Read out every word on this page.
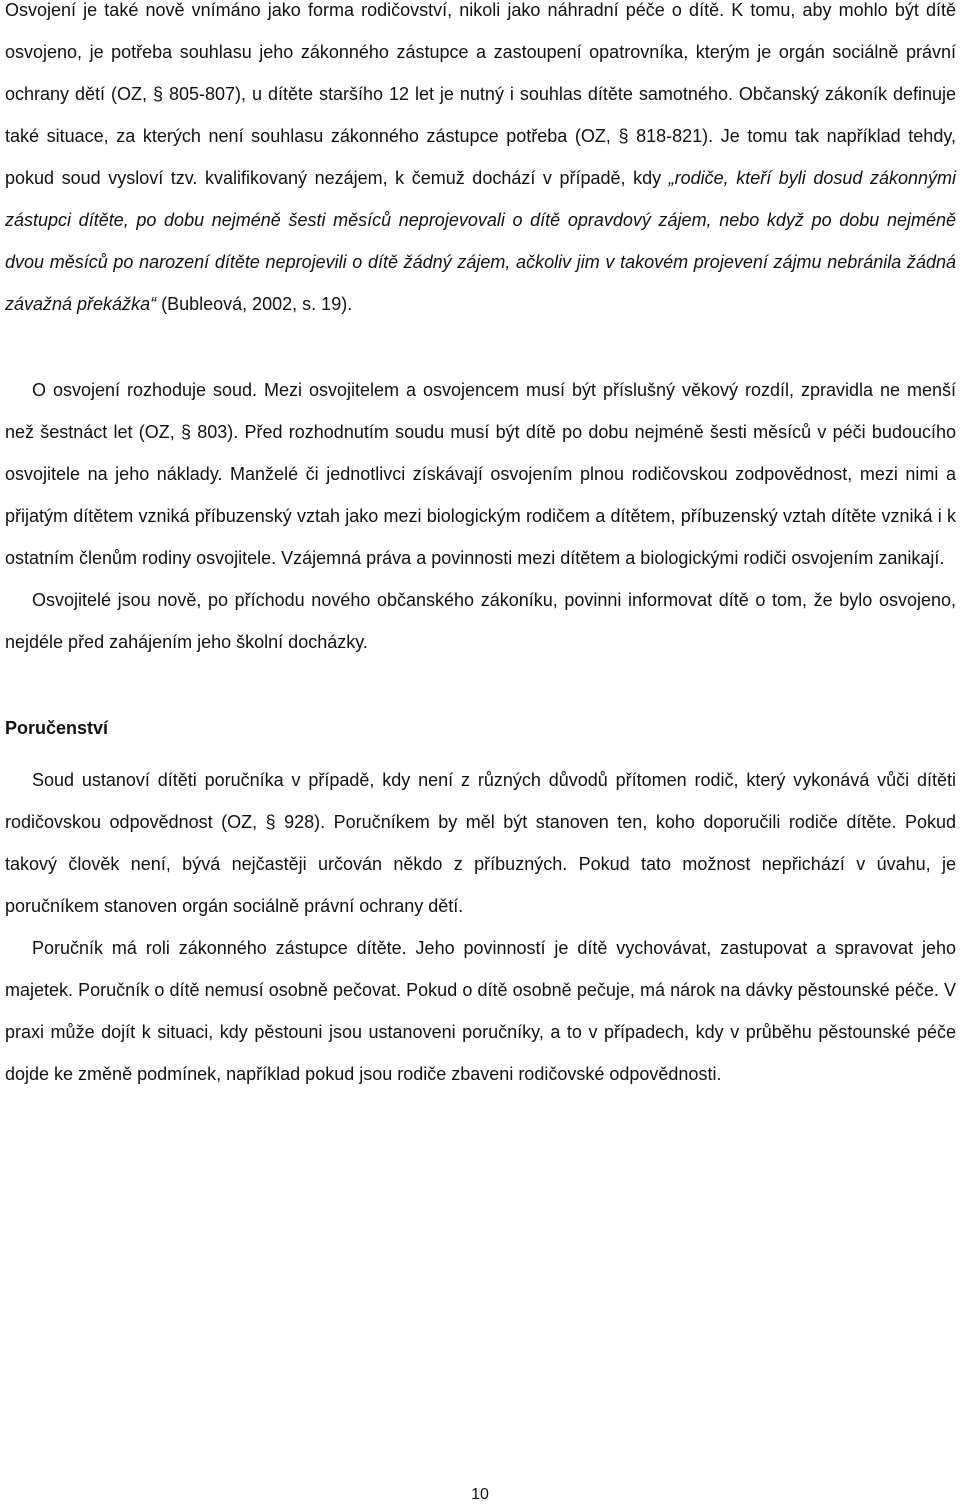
Osvojení je také nově vnímáno jako forma rodičovství, nikoli jako náhradní péče o dítě. K tomu, aby mohlo být dítě osvojeno, je potřeba souhlasu jeho zákonného zástupce a zastoupení opatrovníka, kterým je orgán sociálně právní ochrany dětí (OZ, § 805-807), u dítěte staršího 12 let je nutný i souhlas dítěte samotného. Občanský zákoník definuje také situace, za kterých není souhlasu zákonného zástupce potřeba (OZ, § 818-821). Je tomu tak například tehdy, pokud soud vysloví tzv. kvalifikovaný nezájem, k čemuž dochází v případě, kdy „rodiče, kteří byli dosud zákonnými zástupci dítěte, po dobu nejméně šesti měsíců neprojevovali o dítě opravdový zájem, nebo když po dobu nejméně dvou měsíců po narození dítěte neprojevili o dítě žádný zájem, ačkoliv jim v takovém projevení zájmu nebránila žádná závažná překážka“ (Bubleová, 2002, s. 19).

O osvojení rozhoduje soud. Mezi osvojitelem a osvojencem musí být příslušný věkový rozdíl, zpravidla ne menší než šestnáct let (OZ, § 803). Před rozhodnutím soudu musí být dítě po dobu nejméně šesti měsíců v péči budoucího osvojitele na jeho náklady. Manželé či jednotlivci získávají osvojením plnou rodičovskou zodpovědnost, mezi nimi a přijatým dítětem vzniká příbuzenský vztah jako mezi biologickým rodičem a dítětem, příbuzenský vztah dítěte vzniká i k ostatním členům rodiny osvojitele. Vzájemná práva a povinnosti mezi dítětem a biologickými rodiči osvojením zanikají.

Osvojitelé jsou nově, po příchodu nového občanského zákoníku, povinni informovat dítě o tom, že bylo osvojeno, nejdéle před zahájením jeho školní docházky.

Poručenství

Soud ustanoví dítěti poručníka v případě, kdy není z různých důvodů přítomen rodič, který vykonává vůči dítěti rodičovskou odpovědnost (OZ, § 928). Poručníkem by měl být stanoven ten, koho doporučili rodiče dítěte. Pokud takový člověk není, bývá nejčastěji určován někdo z příbuzných. Pokud tato možnost nepřichází v úvahu, je poručníkem stanoven orgán sociálně právní ochrany dětí.

Poručník má roli zákonného zástupce dítěte. Jeho povinností je dítě vychovávat, zastupovat a spravovat jeho majetek. Poručník o dítě nemusí osobně pečovat. Pokud o dítě osobně pečuje, má nárok na dávky pěstounské péče. V praxi může dojít k situaci, kdy pěstouni jsou ustanoveni poručníky, a to v případech, kdy v průběhu pěstounské péče dojde ke změně podmínek, například pokud jsou rodiče zbaveni rodičovské odpovědnosti.

10
